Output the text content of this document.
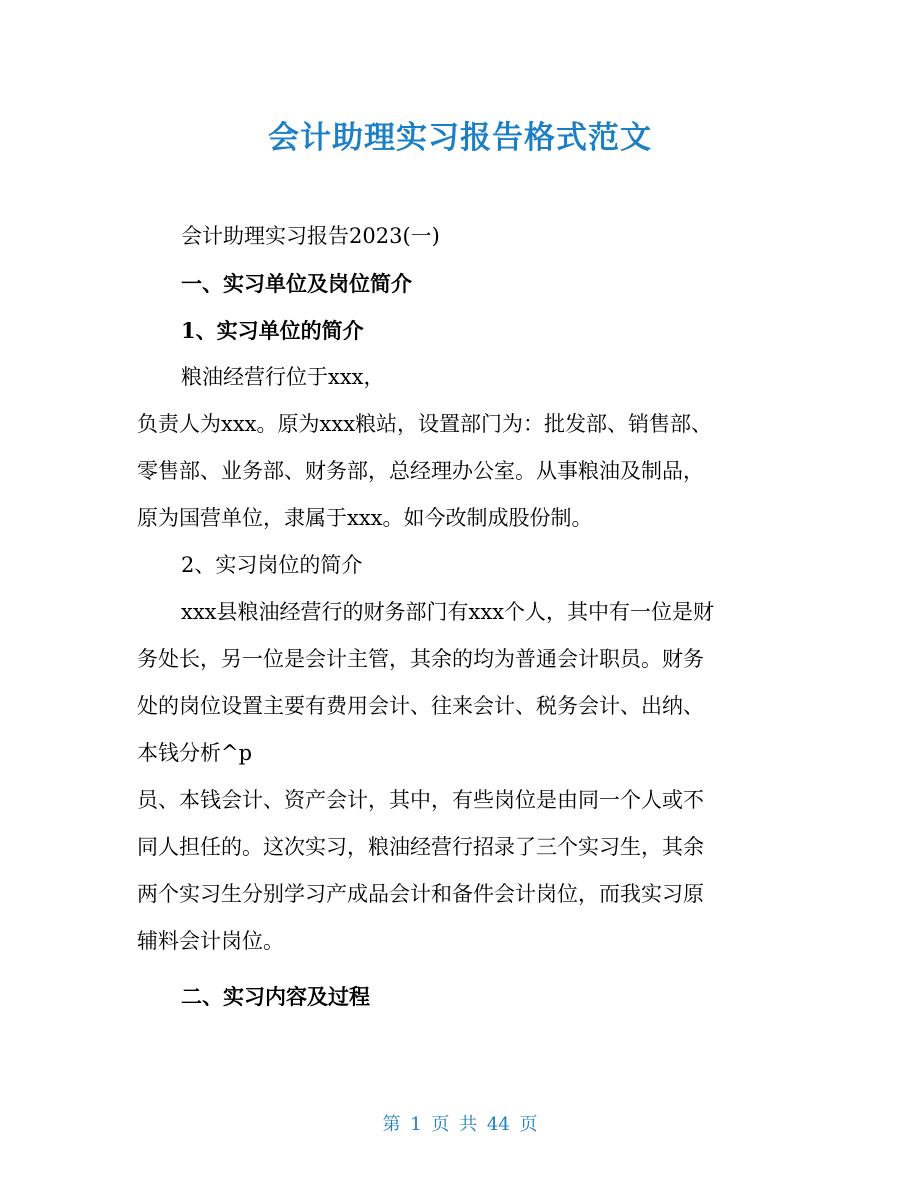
会计助理实习报告格式范文

会计助理实习报告2023(一)

一、实习单位及岗位简介

1、实习单位的简介

粮油经营行位于xxx，

负责人为xxx。原为xxx粮站，设置部门为：批发部、销售部、

零售部、业务部、财务部，总经理办公室。从事粮油及制品，

原为国营单位，隶属于xxx。如今改制成股份制。

2、实习岗位的简介

xxx县粮油经营行的财务部门有xxx个人，其中有一位是财

务处长，另一位是会计主管，其余的均为普通会计职员。财务

处的岗位设置主要有费用会计、往来会计、税务会计、出纳、

本钱分析^p

员、本钱会计、资产会计，其中，有些岗位是由同一个人或不

同人担任的。这次实习，粮油经营行招录了三个实习生，其余

两个实习生分别学习产成品会计和备件会计岗位，而我实习原

辅料会计岗位。

二、实习内容及过程

第 1 页 共 44 页
